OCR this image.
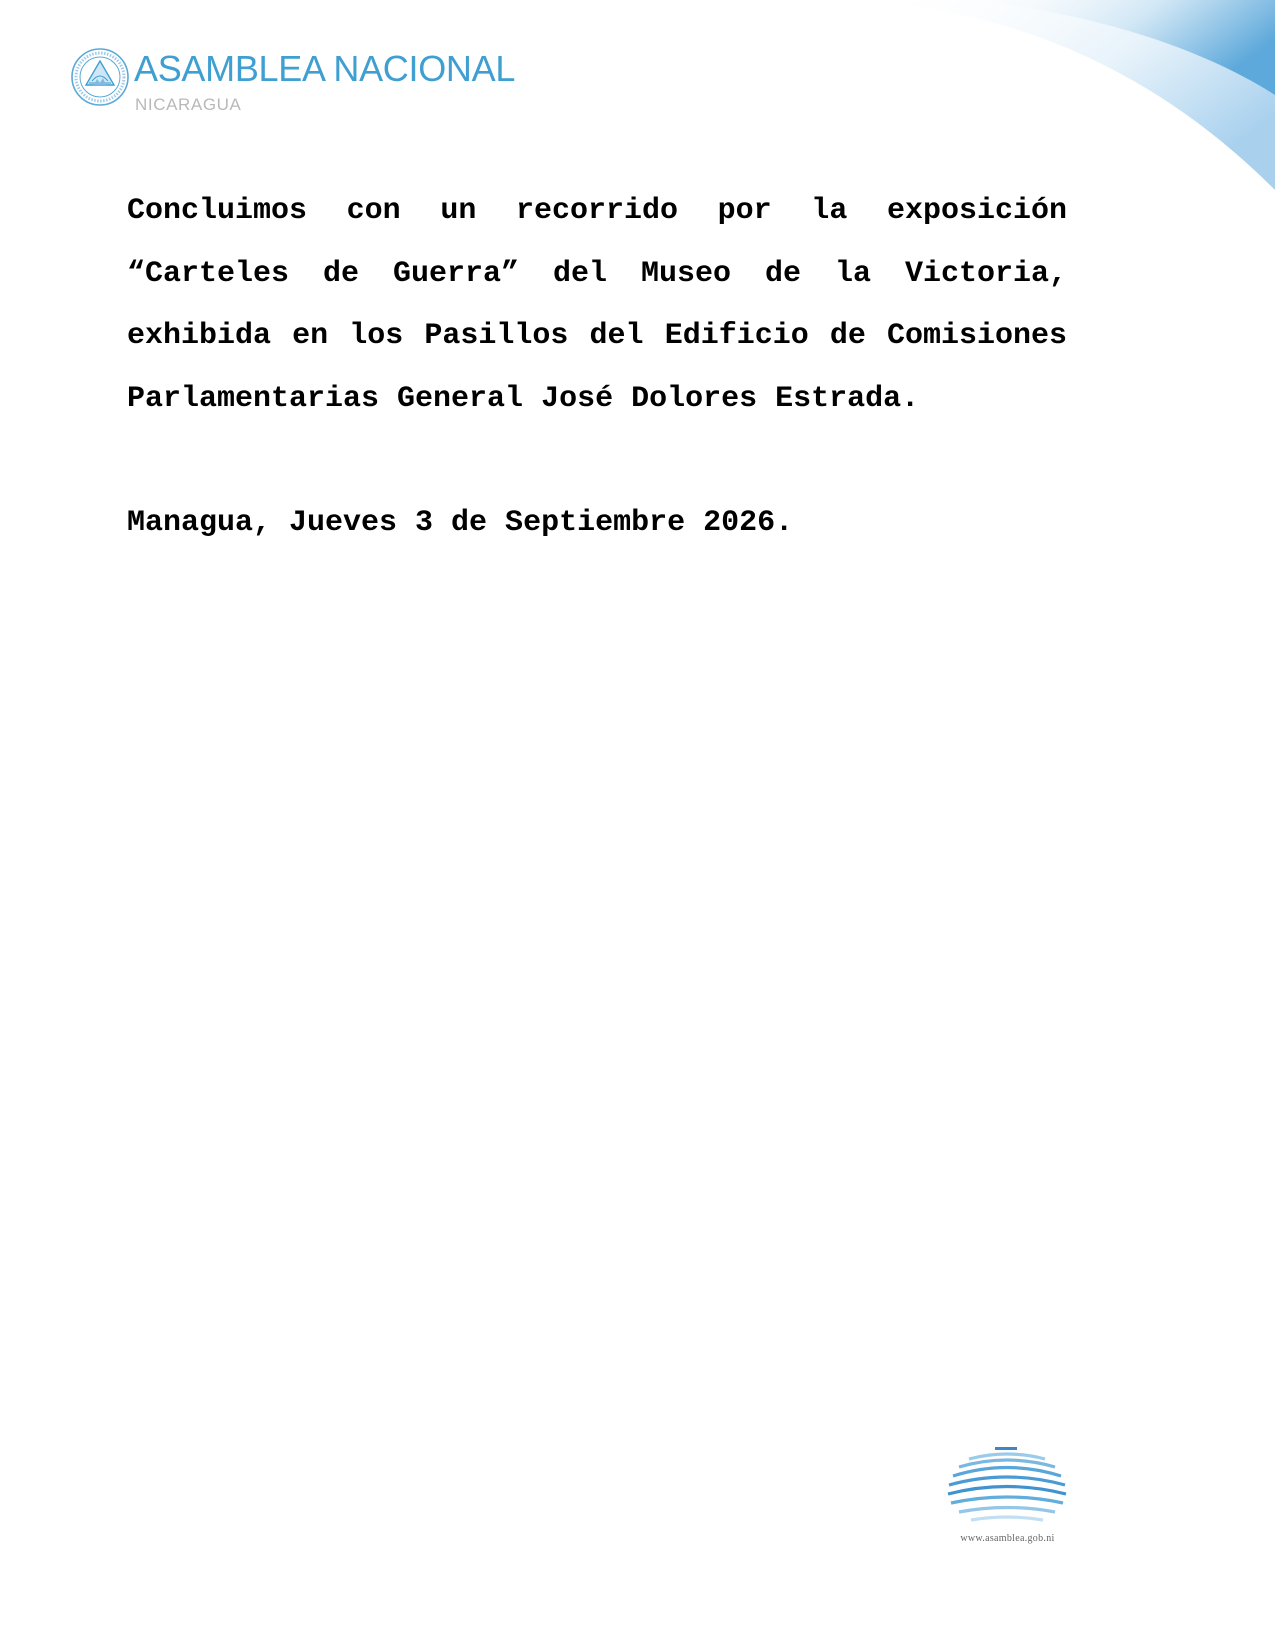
ASAMBLEA NACIONAL
NICARAGUA

Concluimos con un recorrido por la exposición “Carteles de Guerra” del Museo de la Victoria, exhibida en los Pasillos del Edificio de Comisiones Parlamentarias General José Dolores Estrada.

Managua, Jueves 3 de Septiembre 2026.

www.asamblea.gob.ni
